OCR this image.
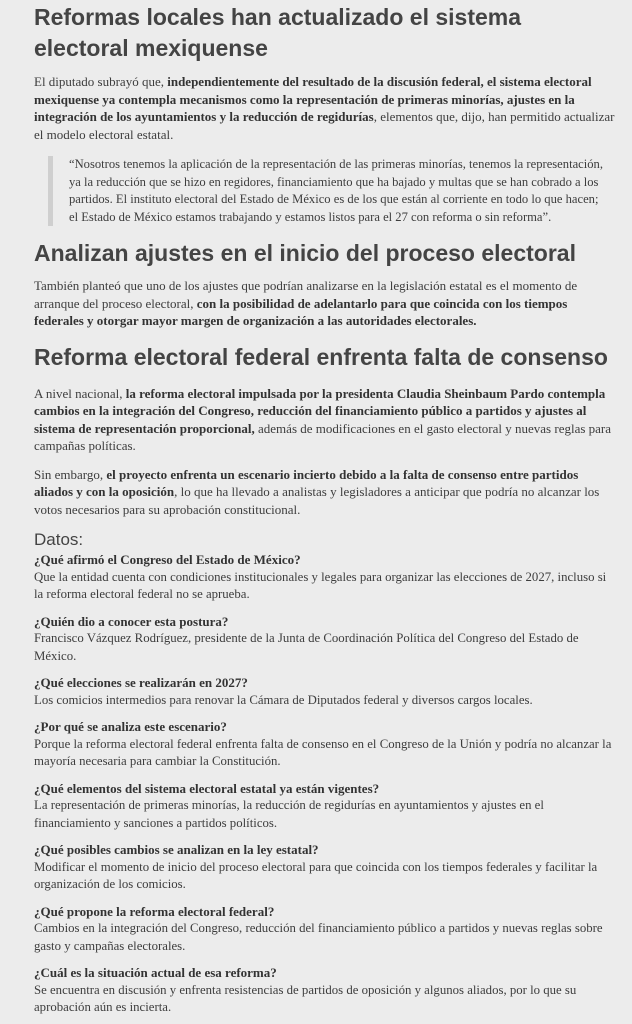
Reformas locales han actualizado el sistema electoral mexiquense

El diputado subrayó que, independientemente del resultado de la discusión federal, el sistema electoral mexiquense ya contempla mecanismos como la representación de primeras minorías, ajustes en la integración de los ayuntamientos y la reducción de regidurías, elementos que, dijo, han permitido actualizar el modelo electoral estatal.

“Nosotros tenemos la aplicación de la representación de las primeras minorías, tenemos la representación, ya la reducción que se hizo en regidores, financiamiento que ha bajado y multas que se han cobrado a los partidos. El instituto electoral del Estado de México es de los que están al corriente en todo lo que hacen; el Estado de México estamos trabajando y estamos listos para el 27 con reforma o sin reforma”.

Analizan ajustes en el inicio del proceso electoral

También planteó que uno de los ajustes que podrían analizarse en la legislación estatal es el momento de arranque del proceso electoral, con la posibilidad de adelantarlo para que coincida con los tiempos federales y otorgar mayor margen de organización a las autoridades electorales.

Reforma electoral federal enfrenta falta de consenso

A nivel nacional, la reforma electoral impulsada por la presidenta Claudia Sheinbaum Pardo contempla cambios en la integración del Congreso, reducción del financiamiento público a partidos y ajustes al sistema de representación proporcional, además de modificaciones en el gasto electoral y nuevas reglas para campañas políticas.

Sin embargo, el proyecto enfrenta un escenario incierto debido a la falta de consenso entre partidos aliados y con la oposición, lo que ha llevado a analistas y legisladores a anticipar que podría no alcanzar los votos necesarios para su aprobación constitucional.

Datos:
¿Qué afirmó el Congreso del Estado de México?
Que la entidad cuenta con condiciones institucionales y legales para organizar las elecciones de 2027, incluso si la reforma electoral federal no se aprueba.
¿Quién dio a conocer esta postura?
Francisco Vázquez Rodríguez, presidente de la Junta de Coordinación Política del Congreso del Estado de México.
¿Qué elecciones se realizarán en 2027?
Los comicios intermedios para renovar la Cámara de Diputados federal y diversos cargos locales.
¿Por qué se analiza este escenario?
Porque la reforma electoral federal enfrenta falta de consenso en el Congreso de la Unión y podría no alcanzar la mayoría necesaria para cambiar la Constitución.
¿Qué elementos del sistema electoral estatal ya están vigentes?
La representación de primeras minorías, la reducción de regidurías en ayuntamientos y ajustes en el financiamiento y sanciones a partidos políticos.
¿Qué posibles cambios se analizan en la ley estatal?
Modificar el momento de inicio del proceso electoral para que coincida con los tiempos federales y facilitar la organización de los comicios.
¿Qué propone la reforma electoral federal?
Cambios en la integración del Congreso, reducción del financiamiento público a partidos y nuevas reglas sobre gasto y campañas electorales.
¿Cuál es la situación actual de esa reforma?
Se encuentra en discusión y enfrenta resistencias de partidos de oposición y algunos aliados, por lo que su aprobación aún es incierta.
